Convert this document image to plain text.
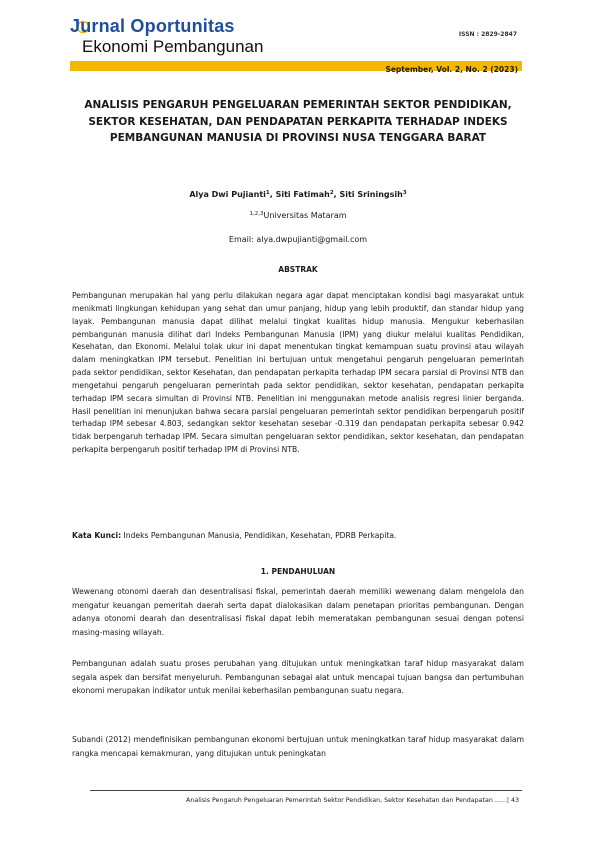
Jurnal Oportunitas
Ekonomi Pembangunan
ISSN : 2829-2847
September, Vol. 2, No. 2 (2023)
ANALISIS PENGARUH PENGELUARAN PEMERINTAH SEKTOR PENDIDIKAN, SEKTOR KESEHATAN, DAN PENDAPATAN PERKAPITA TERHADAP INDEKS PEMBANGUNAN MANUSIA DI PROVINSI NUSA TENGGARA BARAT
Alya Dwi Pujianti$^1$, Siti Fatimah$^2$, Siti Sriningsih$^3$
$^{1,2,3}$Universitas Mataram
Email: alya.dwpujianti@gmail.com
ABSTRAK

Pembangunan merupakan hal yang perlu dilakukan negara agar dapat menciptakan kondisi bagi masyarakat untuk menikmati lingkungan kehidupan yang sehat dan umur panjang, hidup yang lebih produktif, dan standar hidup yang layak. Pembangunan manusia dapat dilihat melalui tingkat kualitas hidup manusia. Mengukur keberhasilan pembangunan manusia dilihat dari Indeks Pembangunan Manusia (IPM) yang diukur melalui kualitas Pendidikan, Kesehatan, dan Ekonomi. Melalui tolak ukur ini dapat menentukan tingkat kemampuan suatu provinsi atau wilayah dalam meningkatkan IPM tersebut. Penelitian ini bertujuan untuk mengetahui pengaruh pengeluaran pemerintah pada sektor pendidikan, sektor Kesehatan, dan pendapatan perkapita terhadap IPM secara parsial di Provinsi NTB dan mengetahui pengaruh pengeluaran pemerintah pada sektor pendidikan, sektor kesehatan, pendapatan perkapita terhadap IPM secara simultan di Provinsi NTB. Penelitian ini menggunakan metode analisis regresi linier berganda. Hasil penelitian ini menunjukan bahwa secara parsial pengeluaran pemerintah sektor pendidikan berpengaruh positif terhadap IPM sebesar 4.803, sedangkan sektor kesehatan sesebar -0.319 dan pendapatan perkapita sebesar 0.942 tidak berpengaruh terhadap IPM. Secara simultan pengeluaran sektor pendidikan, sektor kesehatan, dan pendapatan perkapita berpengaruh positif terhadap IPM di Provinsi NTB.

Kata Kunci: Indeks Pembangunan Manusia, Pendidikan, Kesehatan, PDRB Perkapita.

1. PENDAHULUAN

Wewenang otonomi daerah dan desentralisasi fiskal, pemerintah daerah memiliki wewenang dalam mengelola dan mengatur keuangan pemeritah daerah serta dapat dialokasikan dalam penetapan prioritas pembangunan. Dengan adanya otonomi dearah dan desentralisasi fiskal dapat lebih memeratakan pembangunan sesuai dengan potensi masing-masing wilayah.

Pembangunan adalah suatu proses perubahan yang ditujukan untuk meningkatkan taraf hidup masyarakat dalam segala aspek dan bersifat menyeluruh. Pembangunan sebagai alat untuk mencapai tujuan bangsa dan pertumbuhan ekonomi merupakan indikator untuk menilai keberhasilan pembangunan suatu negara.

Subandi (2012) mendefinisikan pembangunan ekonomi bertujuan untuk meningkatkan taraf hidup masyarakat dalam rangka mencapai kemakmuran, yang ditujukan untuk peningkatan

Analisis Pengaruh Pengeluaran Pemerintah Sektor Pendidikan, Sektor Kesehatan dan Pendapatan ......| 43
